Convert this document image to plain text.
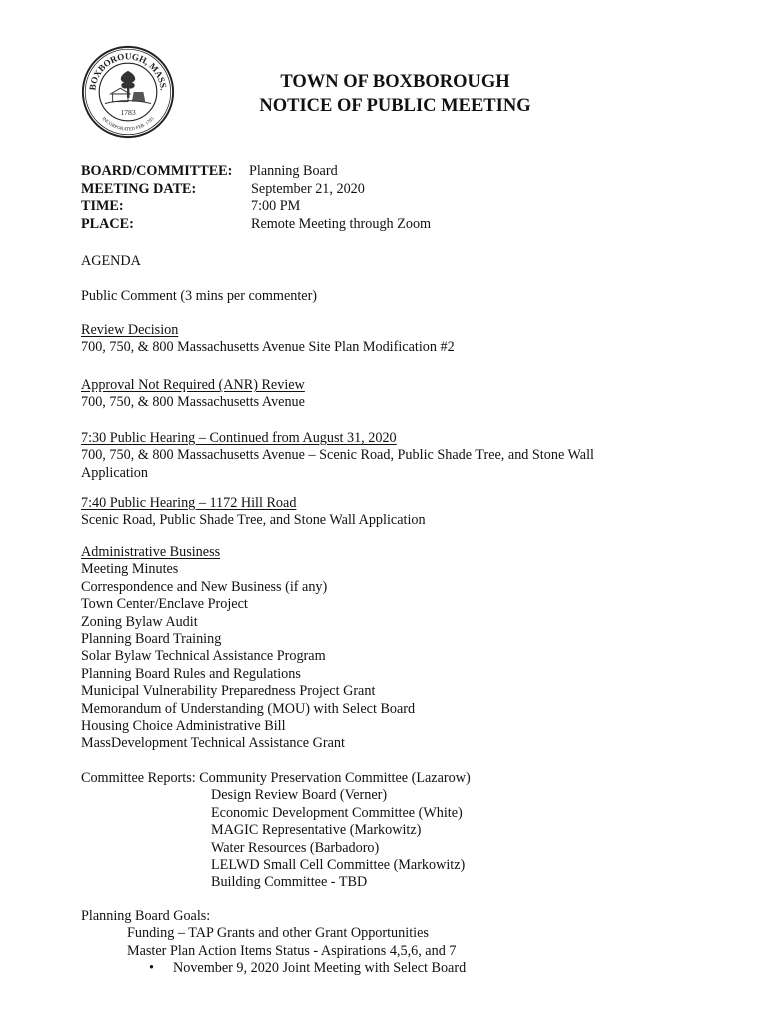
BOXBOROUGH, MASS.
INCORPORATED FEB. 1783
1783
TOWN OF BOXBOROUGH
NOTICE OF PUBLIC MEETING
BOARD/COMMITTEE: Planning Board
MEETING DATE:	September 21, 2020
TIME:	7:00 PM
PLACE:	Remote Meeting through Zoom
AGENDA
Public Comment (3 mins per commenter)
Review Decision
700, 750, & 800 Massachusetts Avenue Site Plan Modification #2
Approval Not Required (ANR) Review
700, 750, & 800 Massachusetts Avenue
7:30 Public Hearing – Continued from August 31, 2020
700, 750, & 800 Massachusetts Avenue – Scenic Road, Public Shade Tree, and Stone Wall
Application
7:40 Public Hearing – 1172 Hill Road
Scenic Road, Public Shade Tree, and Stone Wall Application
Administrative Business
Meeting Minutes
Correspondence and New Business (if any)
Town Center/Enclave Project
Zoning Bylaw Audit
Planning Board Training
Solar Bylaw Technical Assistance Program
Planning Board Rules and Regulations
Municipal Vulnerability Preparedness Project Grant
Memorandum of Understanding (MOU) with Select Board
Housing Choice Administrative Bill
MassDevelopment Technical Assistance Grant
Committee Reports: Community Preservation Committee (Lazarow)
Design Review Board (Verner)
Economic Development Committee (White)
MAGIC Representative (Markowitz)
Water Resources (Barbadoro)
LELWD Small Cell Committee (Markowitz)
Building Committee - TBD
Planning Board Goals:
Funding – TAP Grants and other Grant Opportunities
Master Plan Action Items Status - Aspirations 4,5,6, and 7
•	November 9, 2020 Joint Meeting with Select Board
